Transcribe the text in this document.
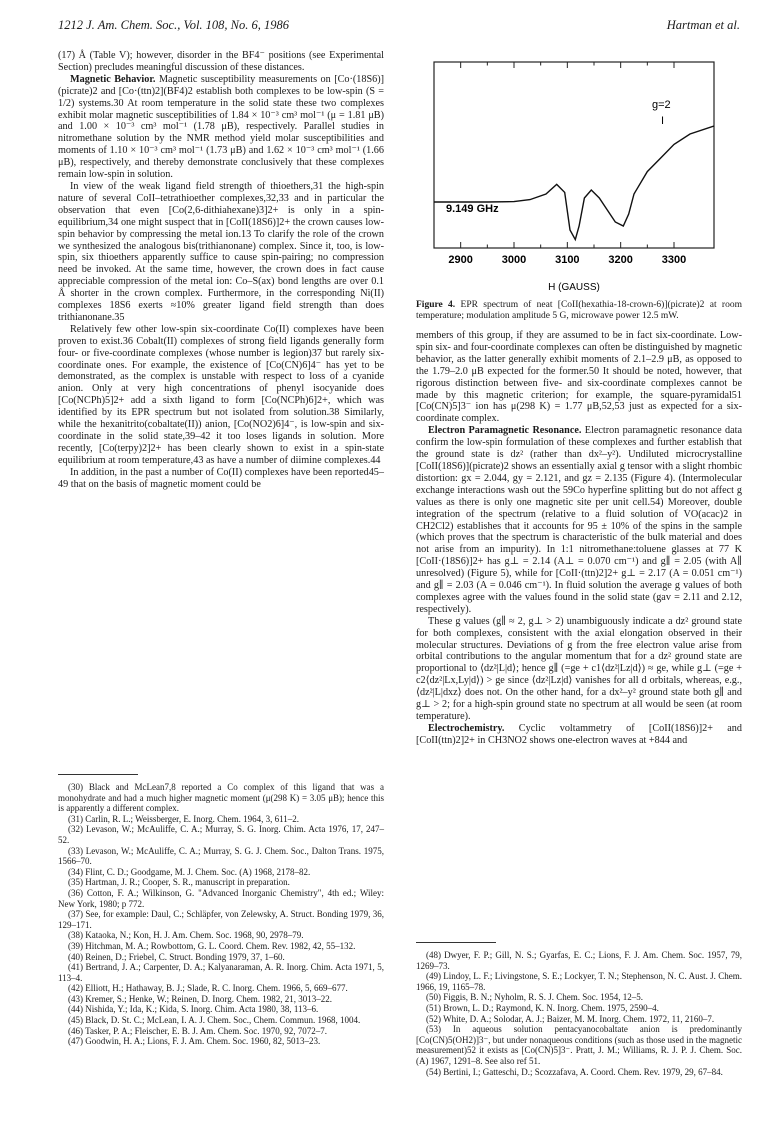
1212 J. Am. Chem. Soc., Vol. 108, No. 6, 1986	Hartman et al.

(17) Å (Table V); however, disorder in the BF4⁻ positions (see Experimental Section) precludes meaningful discussion of these distances.

Magnetic Behavior. Magnetic susceptibility measurements on [Co·(18S6)](picrate)2 and [Co·(ttn)2](BF4)2 establish both complexes to be low-spin (S = 1/2) systems.30 At room temperature in the solid state these two complexes exhibit molar magnetic susceptibilities of 1.84 × 10⁻³ cm³ mol⁻¹ (μ = 1.81 μB) and 1.00 × 10⁻³ cm³ mol⁻¹ (1.78 μB), respectively. Parallel studies in nitromethane solution by the NMR method yield molar susceptibilities and moments of 1.10 × 10⁻³ cm³ mol⁻¹ (1.73 μB) and 1.62 × 10⁻³ cm³ mol⁻¹ (1.66 μB), respectively, and thereby demonstrate conclusively that these complexes remain low-spin in solution.

In view of the weak ligand field strength of thioethers,31 the high-spin nature of several CoII–tetrathioether complexes,32,33 and in particular the observation that even [Co(2,6-dithiahexane)3]2+ is only in a spin-equilibrium,34 one might suspect that in [CoII(18S6)]2+ the crown causes low-spin behavior by compressing the metal ion.13 To clarify the role of the crown we synthesized the analogous bis(trithianonane) complex. Since it, too, is low-spin, six thioethers apparently suffice to cause spin-pairing; no compression need be invoked. At the same time, however, the crown does in fact cause appreciable compression of the metal ion: Co–S(ax) bond lengths are over 0.1 Å shorter in the crown complex. Furthermore, in the corresponding Ni(II) complexes 18S6 exerts ≈10% greater ligand field strength than does trithianonane.35

Relatively few other low-spin six-coordinate Co(II) complexes have been proven to exist.36 Cobalt(II) complexes of strong field ligands generally form four- or five-coordinate complexes (whose number is legion)37 but rarely six-coordinate ones. For example, the existence of [Co(CN)6]4⁻ has yet to be demonstrated, as the complex is unstable with respect to loss of a cyanide anion. Only at very high concentrations of phenyl isocyanide does [Co(NCPh)5]2+ add a sixth ligand to form [Co(NCPh)6]2+, which was identified by its EPR spectrum but not isolated from solution.38 Similarly, while the hexanitrito(cobaltate(II)) anion, [Co(NO2)6]4⁻, is low-spin and six-coordinate in the solid state,39–42 it too loses ligands in solution. More recently, [Co(terpy)2]2+ has been clearly shown to exist in a spin-state equilibrium at room temperature,43 as have a number of diimine complexes.44

In addition, in the past a number of Co(II) complexes have been reported45–49 that on the basis of magnetic moment could be

(30) Black and McLean7,8 reported a Co complex of this ligand that was a monohydrate and had a much higher magnetic moment (μ(298 K) = 3.05 μB); hence this is apparently a different complex.

(31) Carlin, R. L.; Weissberger, E. Inorg. Chem. 1964, 3, 611–2.

(32) Levason, W.; McAuliffe, C. A.; Murray, S. G. Inorg. Chim. Acta 1976, 17, 247–52.

(33) Levason, W.; McAuliffe, C. A.; Murray, S. G. J. Chem. Soc., Dalton Trans. 1975, 1566–70.

(34) Flint, C. D.; Goodgame, M. J. Chem. Soc. (A) 1968, 2178–82.

(35) Hartman, J. R.; Cooper, S. R., manuscript in preparation.

(36) Cotton, F. A.; Wilkinson, G. "Advanced Inorganic Chemistry", 4th ed.; Wiley: New York, 1980; p 772.

(37) See, for example: Daul, C.; Schläpfer, von Zelewsky, A. Struct. Bonding 1979, 36, 129–171.

(38) Kataoka, N.; Kon, H. J. Am. Chem. Soc. 1968, 90, 2978–79.

(39) Hitchman, M. A.; Rowbottom, G. L. Coord. Chem. Rev. 1982, 42, 55–132.

(40) Reinen, D.; Friebel, C. Struct. Bonding 1979, 37, 1–60.

(41) Bertrand, J. A.; Carpenter, D. A.; Kalyanaraman, A. R. Inorg. Chim. Acta 1971, 5, 113–4.

(42) Elliott, H.; Hathaway, B. J.; Slade, R. C. Inorg. Chem. 1966, 5, 669–677.

(43) Kremer, S.; Henke, W.; Reinen, D. Inorg. Chem. 1982, 21, 3013–22.

(44) Nishida, Y.; Ida, K.; Kida, S. Inorg. Chim. Acta 1980, 38, 113–6.

(45) Black, D. St. C.; McLean, I. A. J. Chem. Soc., Chem. Commun. 1968, 1004.

(46) Tasker, P. A.; Fleischer, E. B. J. Am. Chem. Soc. 1970, 92, 7072–7.

(47) Goodwin, H. A.; Lions, F. J. Am. Chem. Soc. 1960, 82, 5013–23.

9.149 GHz
g=2
I
2900	3000	3100	3200	3300
H (GAUSS)

Figure 4. EPR spectrum of neat [CoII(hexathia-18-crown-6)](picrate)2 at room temperature; modulation amplitude 5 G, microwave power 12.5 mW.

members of this group, if they are assumed to be in fact six-coordinate. Low-spin six- and four-coordinate complexes can often be distinguished by magnetic behavior, as the latter generally exhibit moments of 2.1–2.9 μB, as opposed to the 1.79–2.0 μB expected for the former.50 It should be noted, however, that rigorous distinction between five- and six-coordinate complexes cannot be made by this magnetic criterion; for example, the square-pyramidal51 [Co(CN)5]3⁻ ion has μ(298 K) = 1.77 μB,52,53 just as expected for a six-coordinate complex.

Electron Paramagnetic Resonance. Electron paramagnetic resonance data confirm the low-spin formulation of these complexes and further establish that the ground state is dz² (rather than dx²–y²). Undiluted microcrystalline [CoII(18S6)](picrate)2 shows an essentially axial g tensor with a slight rhombic distortion: gx = 2.044, gy = 2.121, and gz = 2.135 (Figure 4). (Intermolecular exchange interactions wash out the 59Co hyperfine splitting but do not affect g values as there is only one magnetic site per unit cell.54) Moreover, double integration of the spectrum (relative to a fluid solution of VO(acac)2 in CH2Cl2) establishes that it accounts for 95 ± 10% of the spins in the sample (which proves that the spectrum is characteristic of the bulk material and does not arise from an impurity). In 1:1 nitromethane:toluene glasses at 77 K [CoII·(18S6)]2+ has g⊥ = 2.14 (A⊥ = 0.070 cm⁻¹) and g∥ = 2.05 (with A∥ unresolved) (Figure 5), while for [CoII·(ttn)2]2+ g⊥ = 2.17 (A = 0.051 cm⁻¹) and g∥ = 2.03 (A = 0.046 cm⁻¹). In fluid solution the average g values of both complexes agree with the values found in the solid state (gav = 2.11 and 2.12, respectively).

These g values (g∥ ≈ 2, g⊥ > 2) unambiguously indicate a dz² ground state for both complexes, consistent with the axial elongation observed in their molecular structures. Deviations of g from the free electron value arise from orbital contributions to the angular momentum that for a dz² ground state are proportional to ⟨dz²|L|d⟩; hence g∥ (=ge + c1⟨dz²|Lz|d⟩) ≈ ge, while g⊥ (=ge + c2⟨dz²|Lx,Ly|d⟩) > ge since ⟨dz²|Lz|d⟩ vanishes for all d orbitals, whereas, e.g., ⟨dz²|L|dxz⟩ does not. On the other hand, for a dx²–y² ground state both g∥ and g⊥ > 2; for a high-spin ground state no spectrum at all would be seen (at room temperature).

Electrochemistry. Cyclic voltammetry of [CoII(18S6)]2+ and [CoII(ttn)2]2+ in CH3NO2 shows one-electron waves at +844 and

(48) Dwyer, F. P.; Gill, N. S.; Gyarfas, E. C.; Lions, F. J. Am. Chem. Soc. 1957, 79, 1269–73.

(49) Lindoy, L. F.; Livingstone, S. E.; Lockyer, T. N.; Stephenson, N. C. Aust. J. Chem. 1966, 19, 1165–78.

(50) Figgis, B. N.; Nyholm, R. S. J. Chem. Soc. 1954, 12–5.

(51) Brown, L. D.; Raymond, K. N. Inorg. Chem. 1975, 2590–4.

(52) White, D. A.; Solodar, A. J.; Baizer, M. M. Inorg. Chem. 1972, 11, 2160–7.

(53) In aqueous solution pentacyanocobaltate anion is predominantly [Co(CN)5(OH2)]3⁻, but under nonaqueous conditions (such as those used in the magnetic measurement)52 it exists as [Co(CN)5]3⁻. Pratt, J. M.; Williams, R. J. P. J. Chem. Soc. (A) 1967, 1291–8. See also ref 51.

(54) Bertini, I.; Gatteschi, D.; Scozzafava, A. Coord. Chem. Rev. 1979, 29, 67–84.
